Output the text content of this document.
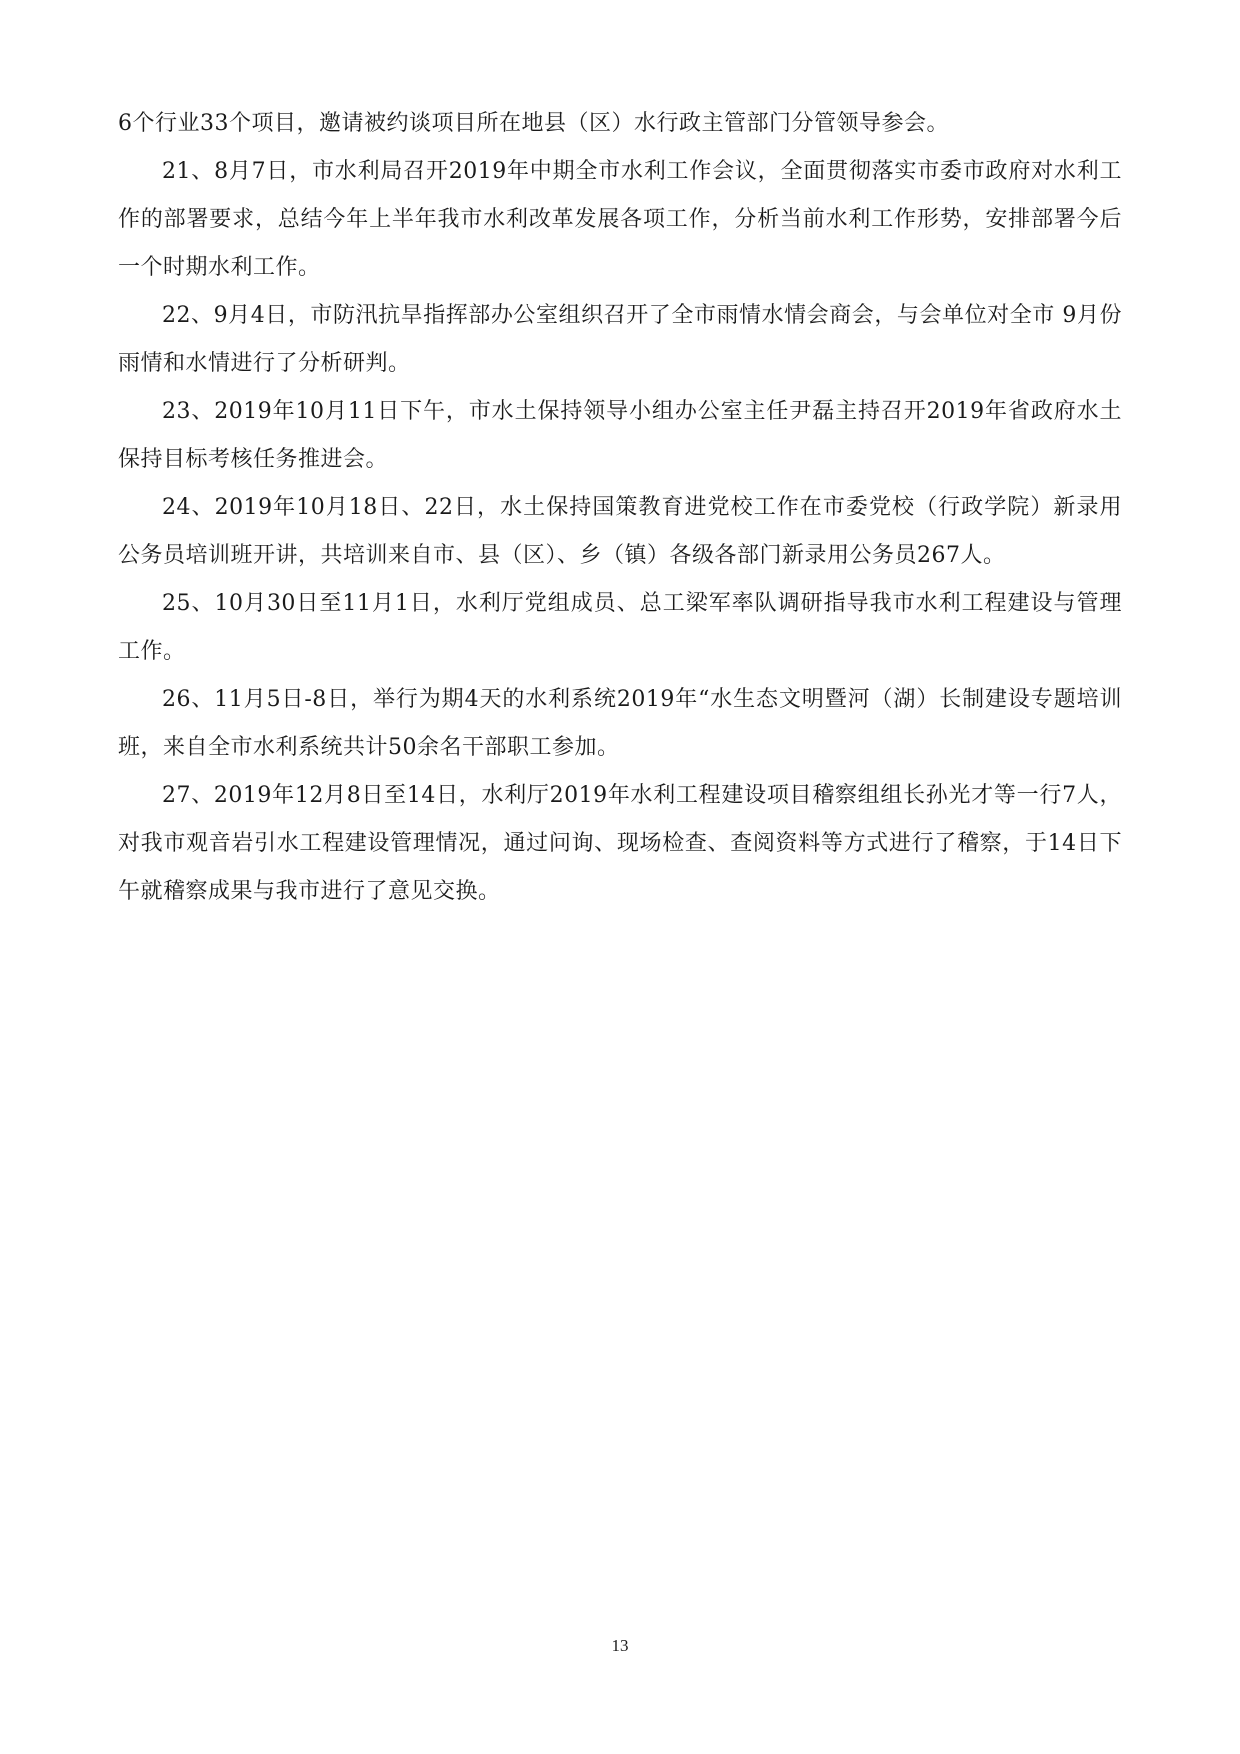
6个行业33个项目，邀请被约谈项目所在地县（区）水行政主管部门分管领导参会。

21、8月7日，市水利局召开2019年中期全市水利工作会议，全面贯彻落实市委市政府对水利工作的部署要求，总结今年上半年我市水利改革发展各项工作，分析当前水利工作形势，安排部署今后一个时期水利工作。

22、9月4日，市防汛抗旱指挥部办公室组织召开了全市雨情水情会商会，与会单位对全市 9月份雨情和水情进行了分析研判。

23、2019年10月11日下午，市水土保持领导小组办公室主任尹磊主持召开2019年省政府水土保持目标考核任务推进会。

24、2019年10月18日、22日，水土保持国策教育进党校工作在市委党校（行政学院）新录用公务员培训班开讲，共培训来自市、县（区）、乡（镇）各级各部门新录用公务员267人。

25、10月30日至11月1日，水利厅党组成员、总工梁军率队调研指导我市水利工程建设与管理工作。

26、11月5日-8日，举行为期4天的水利系统2019年“水生态文明暨河（湖）长制建设专题培训班，来自全市水利系统共计50余名干部职工参加。

27、2019年12月8日至14日，水利厅2019年水利工程建设项目稽察组组长孙光才等一行7人，对我市观音岩引水工程建设管理情况，通过问询、现场检查、查阅资料等方式进行了稽察，于14日下午就稽察成果与我市进行了意见交换。

13
